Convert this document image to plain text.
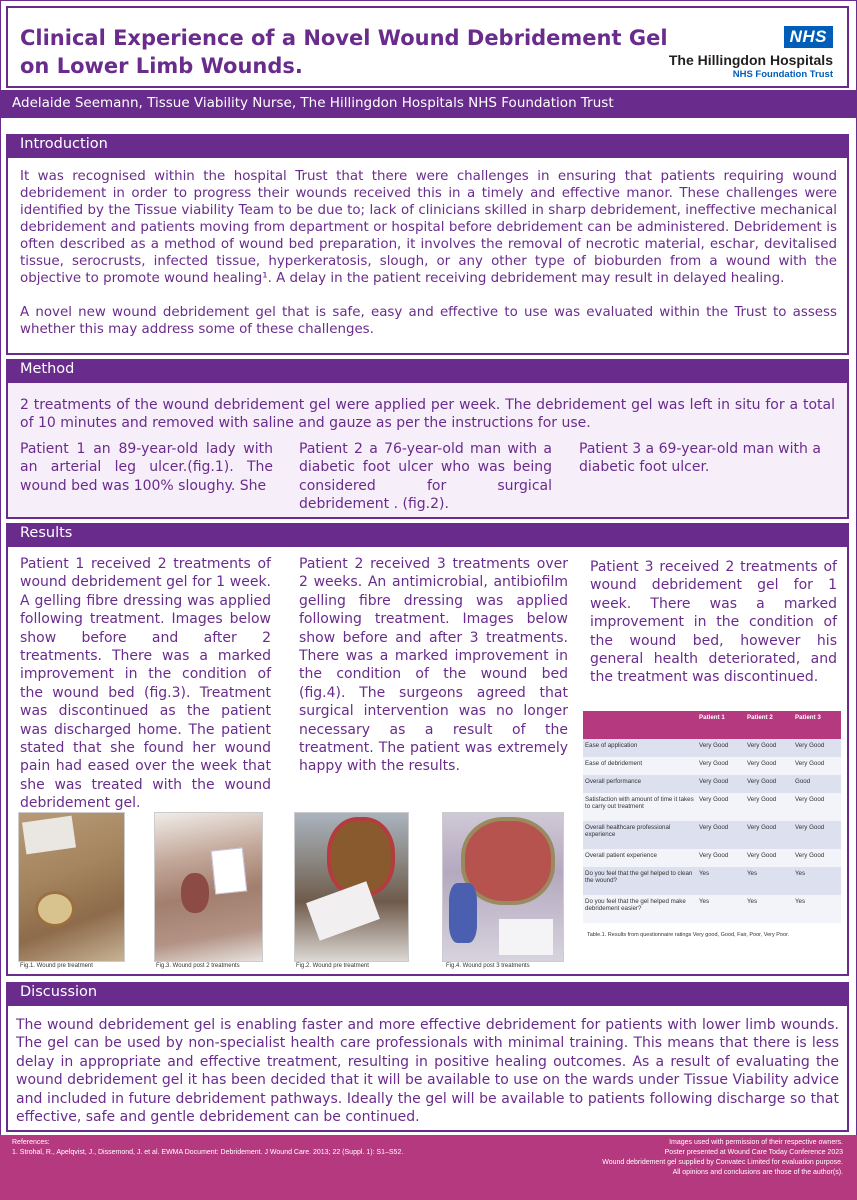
Clinical Experience of a Novel Wound Debridement Gel on Lower Limb Wounds.
NHS
The Hillingdon Hospitals
NHS Foundation Trust
Adelaide Seemann, Tissue Viability Nurse, The Hillingdon Hospitals NHS Foundation Trust
Introduction

It was recognised within the hospital Trust that there were challenges in ensuring that patients requiring wound debridement in order to progress their wounds received this in a timely and effective manor. These challenges were identified by the Tissue viability Team to be due to; lack of clinicians skilled in sharp debridement, ineffective mechanical debridement and patients moving from department or hospital before debridement can be administered. Debridement is often described as a method of wound bed preparation, it involves the removal of necrotic material, eschar, devitalised tissue, serocrusts, infected tissue, hyperkeratosis, slough, or any other type of bioburden from a wound with the objective to promote wound healing¹. A delay in the patient receiving debridement may result in delayed healing.

A novel new wound debridement gel that is safe, easy and effective to use was evaluated within the Trust to assess whether this may address some of these challenges.

Method

2 treatments of the wound debridement gel were applied per week. The debridement gel was left in situ for a total of 10 minutes and removed with saline and gauze as per the instructions for use.

Patient 1 an 89-year-old lady with an arterial leg ulcer.(fig.1). The wound bed was 100% sloughy. She

Patient 2 a 76-year-old man with a diabetic foot ulcer who was being considered for surgical debridement . (fig.2).

Patient 3 a 69-year-old man with a diabetic foot ulcer.

Results

Patient 1 received 2 treatments of wound debridement gel for 1 week. A gelling fibre dressing was applied following treatment. Images below show before and after 2 treatments. There was a marked improvement in the condition of the wound bed (fig.3). Treatment was discontinued as the patient was discharged home. The patient stated that she found her wound pain had eased over the week that she was treated with the wound debridement gel.

Patient 2 received 3 treatments over 2 weeks. An antimicrobial, antibiofilm gelling fibre dressing was applied following treatment. Images below show before and after 3 treatments. There was a marked improvement in the condition of the wound bed (fig.4). The surgeons agreed that surgical intervention was no longer necessary as a result of the treatment. The patient was extremely happy with the results.

Patient 3 received 2 treatments of wound debridement gel for 1 week. There was a marked improvement in the condition of the wound bed, however his general health deteriorated, and the treatment was discontinued.

Fig.1. Wound pre treatment	Fig.3. Wound post 2 treatments	Fig.2. Wound pre treatment	Fig.4. Wound post 3 treatments
	Patient 1	Patient 2	Patient 3
Ease of application	Very Good	Very Good	Very Good
Ease of debridement	Very Good	Very Good	Very Good
Overall performance	Very Good	Very Good	Good
Satisfaction with amount of time it takes to carry out treatment	Very Good	Very Good	Very Good
Overall healthcare professional experience	Very Good	Very Good	Very Good
Overall patient experience	Very Good	Very Good	Very Good
Do you feel that the gel helped to clean the wound?	Yes	Yes	Yes
Do you feel that the gel helped make debridement easier?	Yes	Yes	Yes
Table.1. Results from questionnaire ratings Very good, Good, Fair, Poor, Very Poor.
Discussion

The wound debridement gel is enabling faster and more effective debridement for patients with lower limb wounds. The gel can be used by non-specialist health care professionals with minimal training. This means that there is less delay in appropriate and effective treatment, resulting in positive healing outcomes. As a result of evaluating the wound debridement gel it has been decided that it will be available to use on the wards under Tissue Viability advice and included in future debridement pathways. Ideally the gel will be available to patients following discharge so that effective, safe and gentle debridement can be continued.

References:
1. Strohal, R., Apelqvist, J., Dissemond, J. et al. EWMA Document: Debridement. J Wound Care. 2013; 22 (Suppl. 1): S1–S52.
Images used with permission of their respective owners.
Poster presented at Wound Care Today Conference 2023
Wound debridement gel supplied by Convatec Limited for evaluation purpose.
All opinions and conclusions are those of the author(s).
